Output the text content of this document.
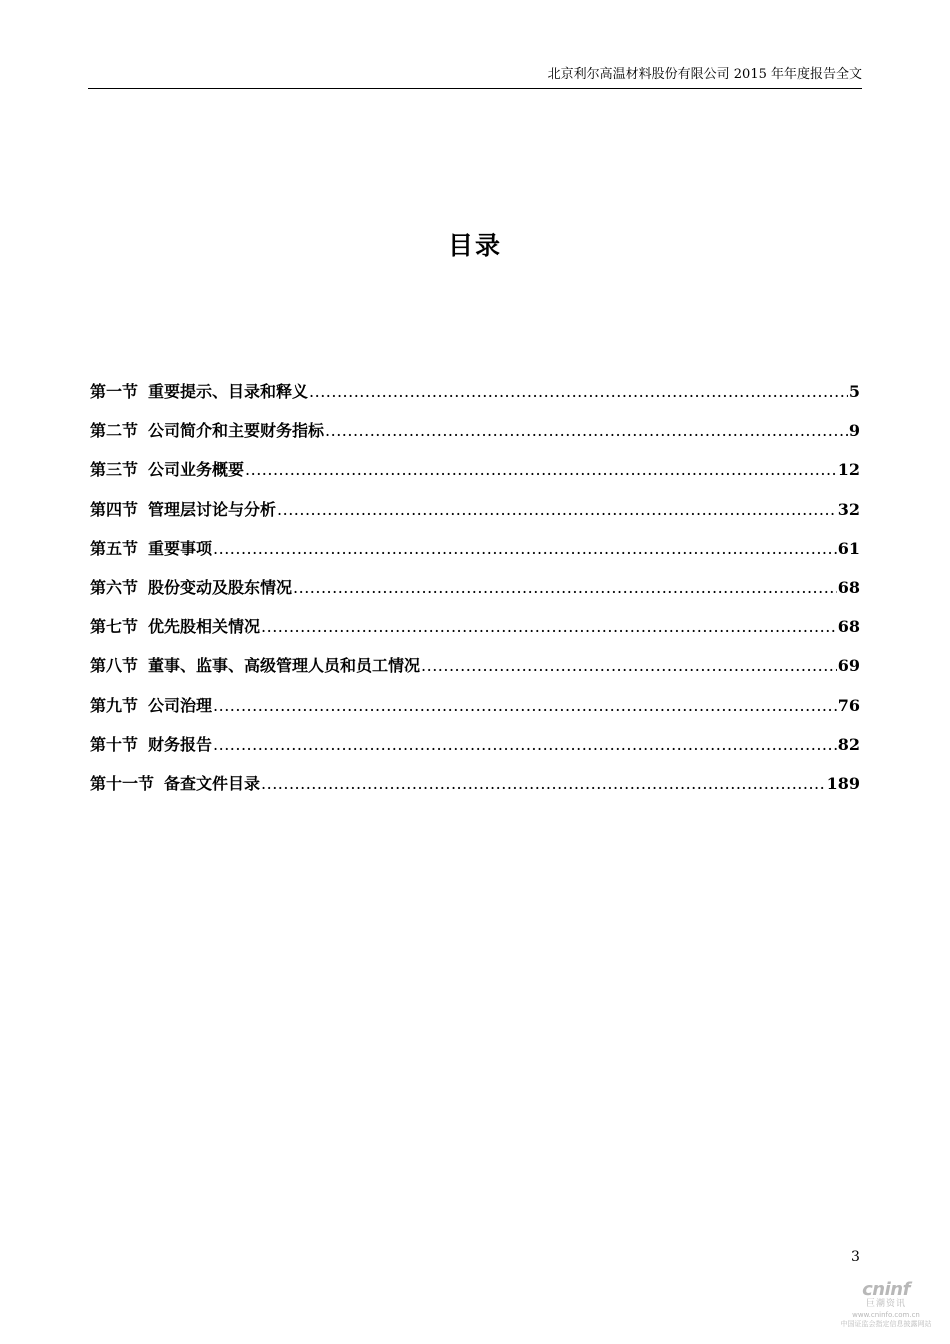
北京利尔高温材料股份有限公司 2015 年年度报告全文
目录
第一节 重要提示、目录和释义 .....	5
第二节 公司简介和主要财务指标 .....	9
第三节 公司业务概要 .....	12
第四节 管理层讨论与分析 .....	32
第五节 重要事项 .....	61
第六节 股份变动及股东情况 .....	68
第七节 优先股相关情况 .....	68
第八节 董事、监事、高级管理人员和员工情况 .....	69
第九节 公司治理 .....	76
第十节 财务报告 .....	82
第十一节 备查文件目录 .....	189
3
cninf
巨潮资讯
www.cninfo.com.cn
中国证监会指定信息披露网站
